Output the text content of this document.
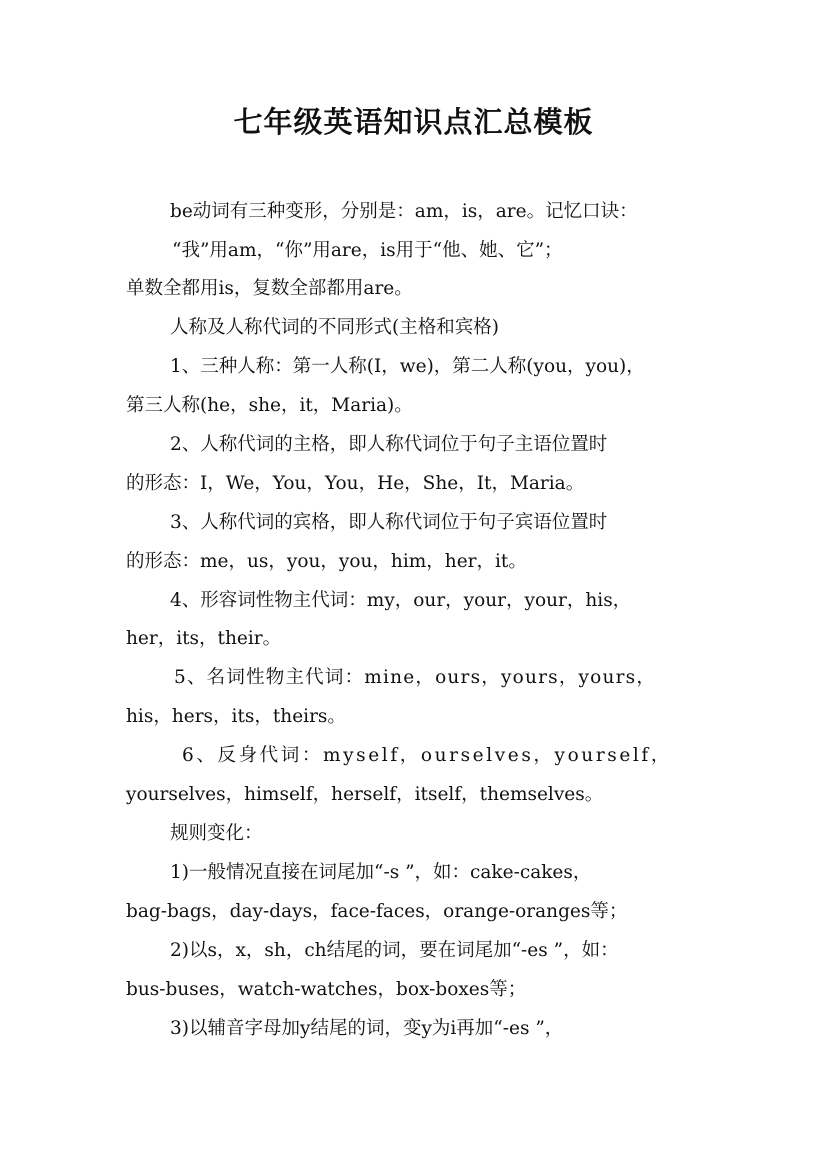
七年级英语知识点汇总模板
be动词有三种变形，分别是：am，is，are。记忆口诀：
“我”用am，“你”用are，is用于“他、她、它”；
单数全都用is，复数全部都用are。
人称及人称代词的不同形式(主格和宾格)
1、三种人称：第一人称(I，we)，第二人称(you，you)，
第三人称(he，she，it，Maria)。
2、人称代词的主格，即人称代词位于句子主语位置时
的形态：I，We，You，You，He，She，It，Maria。
3、人称代词的宾格，即人称代词位于句子宾语位置时
的形态：me，us，you，you，him，her，it。
4、形容词性物主代词：my，our，your，your，his，
her，its，their。
5、名词性物主代词：mine，ours，yours，yours，
his，hers，its，theirs。
6、反身代词：myself，ourselves，yourself，
yourselves，himself，herself，itself，themselves。
规则变化：
1)一般情况直接在词尾加“-s ”，如：cake-cakes，
bag-bags，day-days，face-faces，orange-oranges等；
2)以s，x，sh，ch结尾的词，要在词尾加“-es ”，如：
bus-buses，watch-watches，box-boxes等；
3)以辅音字母加y结尾的词，变y为i再加“-es ”，
